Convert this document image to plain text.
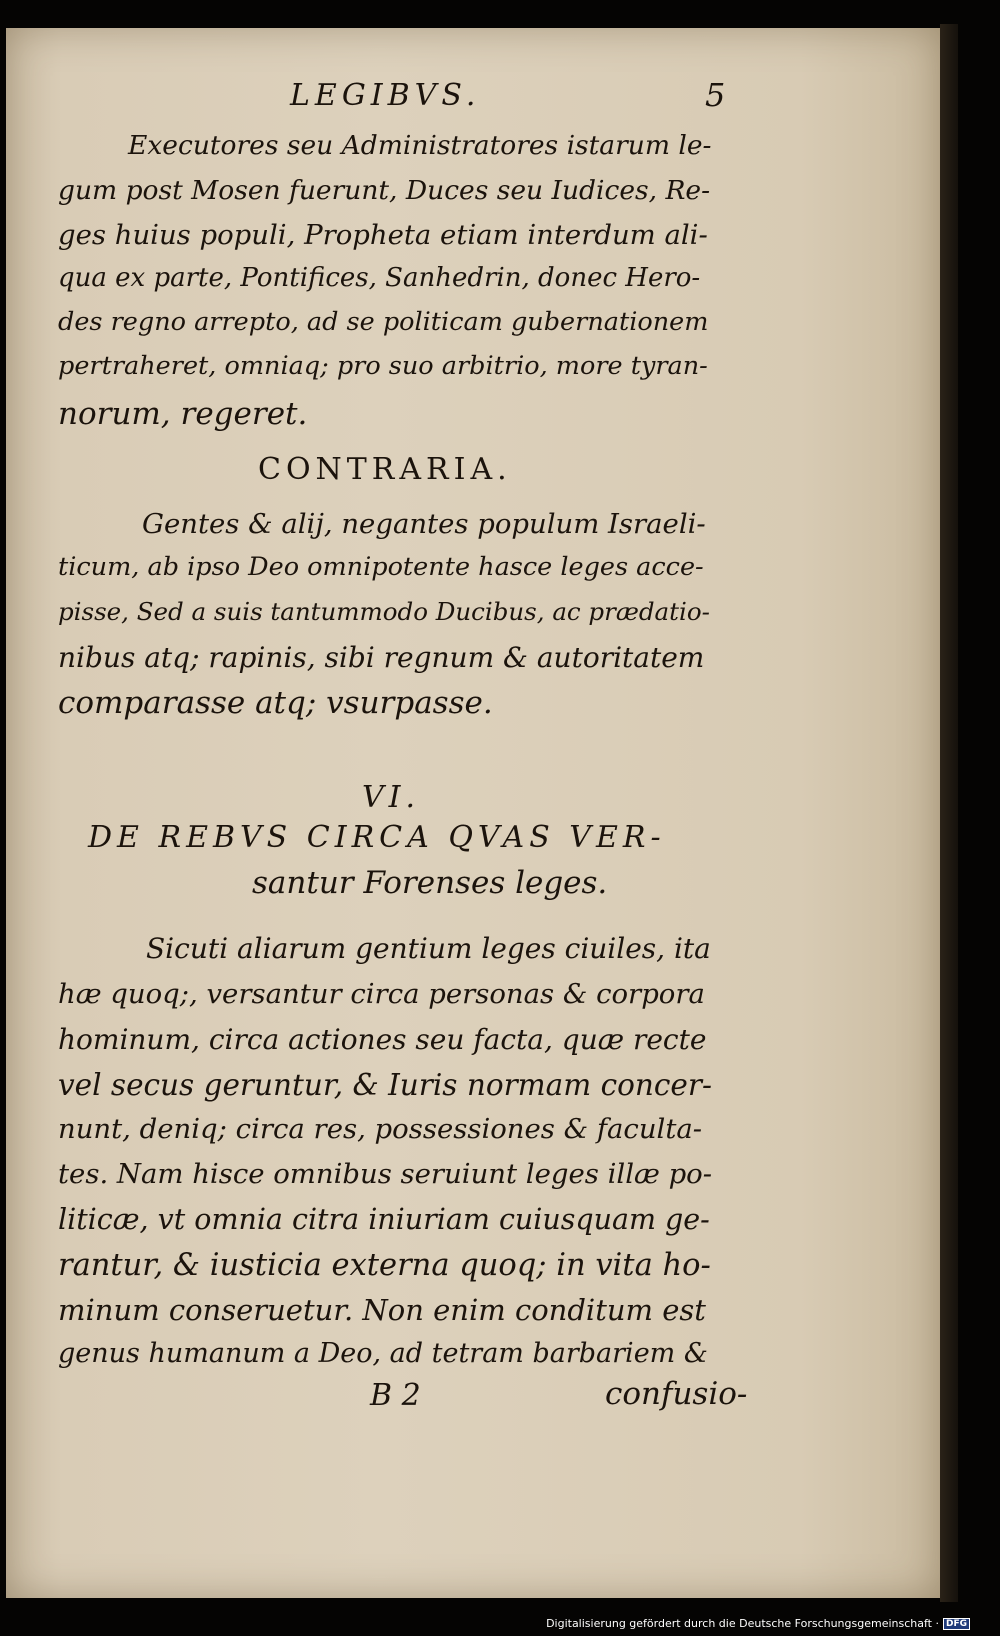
LEGIBVS.	5
Executores seu Administratores istarum le-
gum post Mosen fuerunt, Duces seu Iudices, Re-
ges huius populi, Propheta etiam interdum ali-
qua ex parte, Pontifices, Sanhedrin, donec Hero-
des regno arrepto, ad se politicam gubernationem
pertraheret, omniaq; pro suo arbitrio, more tyran-
norum, regeret.
CONTRARIA.
Gentes & alij, negantes populum Israeli-
ticum, ab ipso Deo omnipotente hasce leges acce-
pisse, Sed a suis tantummodo Ducibus, ac prædatio-
nibus atq; rapinis, sibi regnum & autoritatem
comparasse atq; vsurpasse.
VI.
DE REBVS CIRCA QVAS VER-
santur Forenses leges.
Sicuti aliarum gentium leges ciuiles, ita
hæ quoq;, versantur circa personas & corpora
hominum, circa actiones seu facta, quæ recte
vel secus geruntur, & Iuris normam concer-
nunt, deniq; circa res, possessiones & faculta-
tes. Nam hisce omnibus seruiunt leges illæ po-
liticæ, vt omnia citra iniuriam cuiusquam ge-
rantur, & iusticia externa quoq; in vita ho-
minum conseruetur. Non enim conditum est
genus humanum a Deo, ad tetram barbariem &
B 2	confusio-
Digitalisierung gefördert durch die Deutsche Forschungsgemeinschaft · DFG
